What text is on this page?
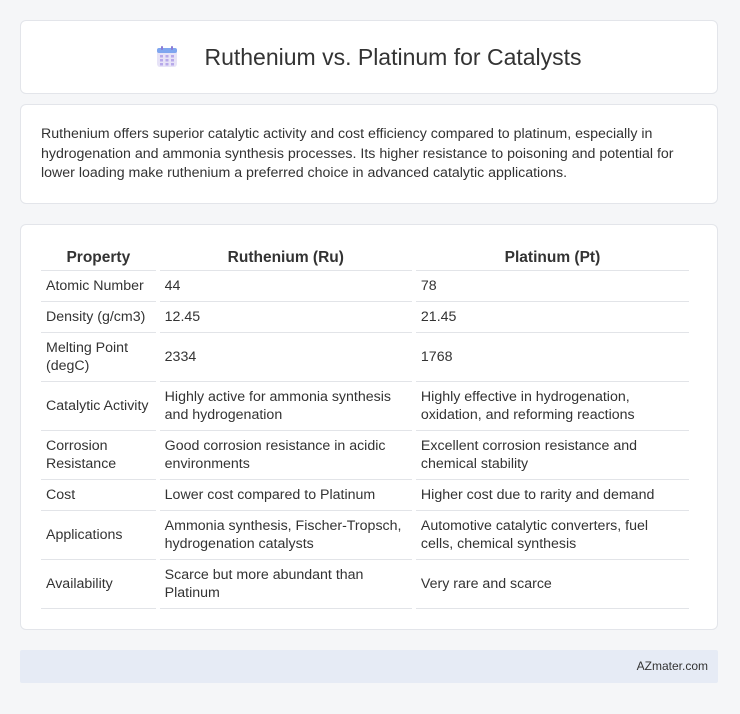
Ruthenium vs. Platinum for Catalysts
Ruthenium offers superior catalytic activity and cost efficiency compared to platinum, especially in hydrogenation and ammonia synthesis processes. Its higher resistance to poisoning and potential for lower loading make ruthenium a preferred choice in advanced catalytic applications.
Property	Ruthenium (Ru)	Platinum (Pt)
Atomic Number	44	78
Density (g/cm3)	12.45	21.45
Melting Point (degC)	2334	1768
Catalytic Activity	Highly active for ammonia synthesis and hydrogenation	Highly effective in hydrogenation, oxidation, and reforming reactions
Corrosion Resistance	Good corrosion resistance in acidic environments	Excellent corrosion resistance and chemical stability
Cost	Lower cost compared to Platinum	Higher cost due to rarity and demand
Applications	Ammonia synthesis, Fischer-Tropsch, hydrogenation catalysts	Automotive catalytic converters, fuel cells, chemical synthesis
Availability	Scarce but more abundant than Platinum	Very rare and scarce
AZmater.com
